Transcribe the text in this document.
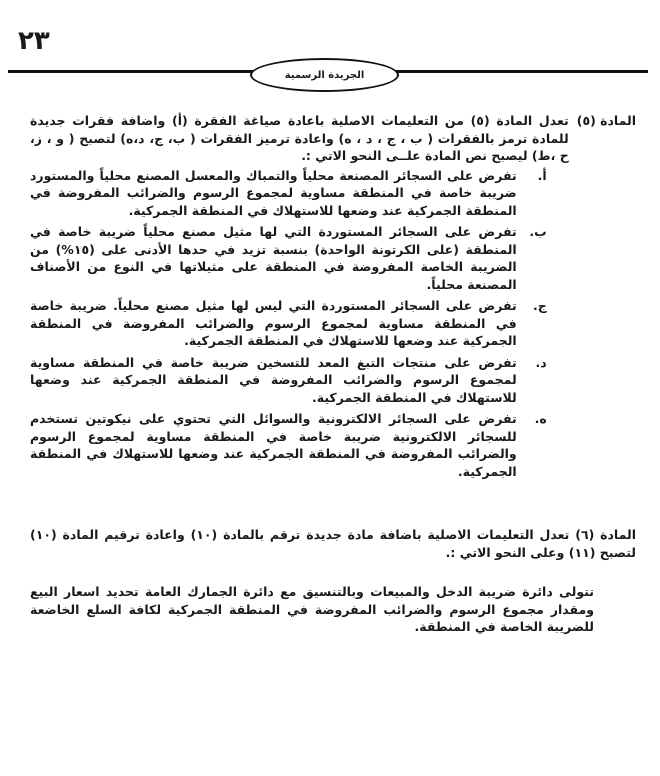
٢٣
الجريدة الرسمية
المادة (٥)
تعدل المادة (٥) من التعليمات الاصلية باعادة صياغة الفقرة (أ) واضافة فقرات جديدة للمادة ترمز بالفقرات ( ب ، ج ، د ، ه) واعادة ترميز الفقرات ( ب، ج، د،ه) لتصبح ( و ، ز، ح ،ط) ليصبح نص المادة علــى النحو الاتي :.
أ.
تفرض على السجائر المصنعة محلياً والتمباك والمعسل المصنع محلياً والمستورد ضريبة خاصة في المنطقة مساوية لمجموع الرسوم والضرائب المفروضة في المنطقة الجمركية عند وضعها للاستهلاك في المنطقة الجمركية.
ب.
تفرض على السجائر المستوردة التي لها مثيل مصنع محلياً ضريبة خاصة في المنطقة (على الكرتونة الواحدة) بنسبة تزيد في حدها الأدنى على (١٥%) من الضريبة الخاصة المفروضة في المنطقة على مثيلاتها في النوع من الأصناف المصنعة محلياً.
ج.
تفرض على السجائر المستوردة التي ليس لها مثيل مصنع محلياً. ضريبة خاصة في المنطقة مساوية لمجموع الرسوم والضرائب المفروضة في المنطقة الجمركية عند وضعها للاستهلاك في المنطقة الجمركية.
د.
تفرض على منتجات التبغ المعد للتسخين ضريبة خاصة في المنطقة مساوية لمجموع الرسوم والضرائب المفروضة في المنطقة الجمركية عند وضعها للاستهلاك في المنطقة الجمركية.
ه.
تفرض على السجائر الالكترونية والسوائل التي تحتوي على نيكوتين تستخدم للسجائر الالكترونية ضريبة خاصة في المنطقة مساوية لمجموع الرسوم والضرائب المفروضة في المنطقة الجمركية عند وضعها للاستهلاك في المنطقة الجمركية.
المادة (٦) تعدل التعليمات الاصلية باضافة مادة جديدة ترقم بالمادة (١٠) واعادة ترقيم المادة (١٠) لتصبح (١١) وعلى النحو الاتي :.
تتولى دائرة ضريبة الدخل والمبيعات وبالتنسيق مع دائرة الجمارك العامة تحديد اسعار البيع ومقدار مجموع الرسوم والضرائب المفروضة في المنطقة الجمركية لكافة السلع الخاضعة للضريبة الخاصة في المنطقة.
